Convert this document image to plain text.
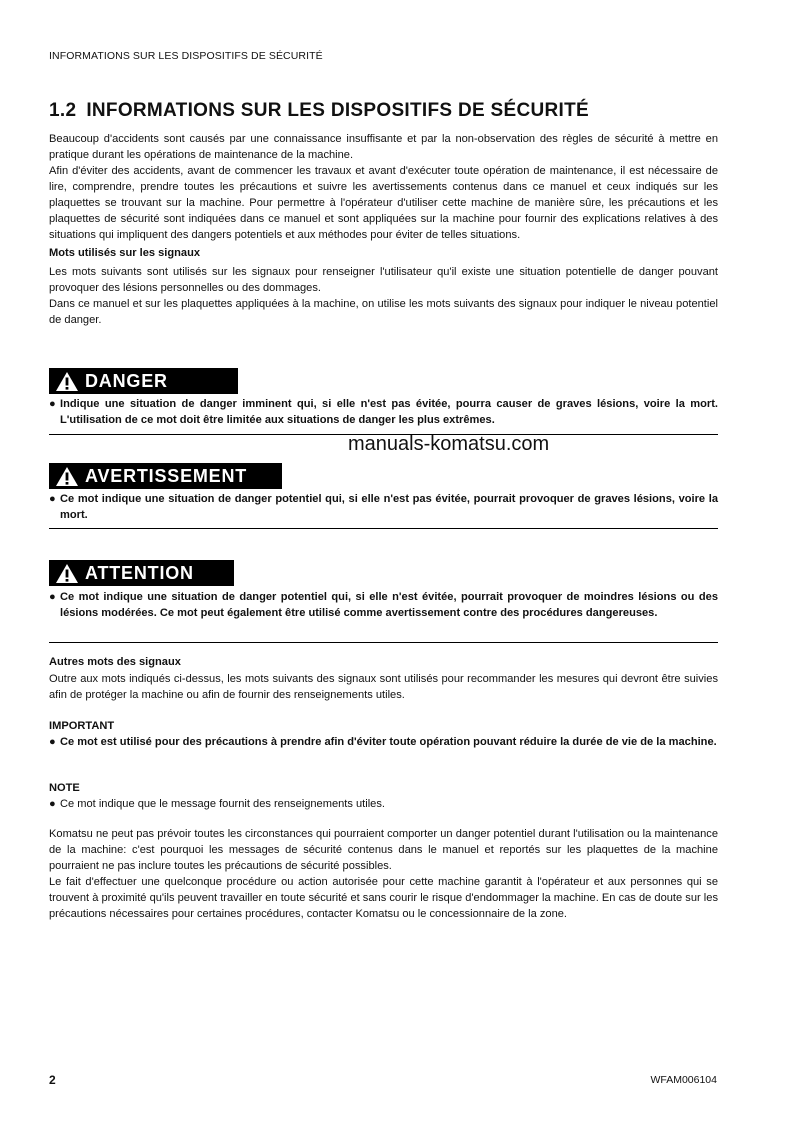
INFORMATIONS SUR LES DISPOSITIFS DE SÉCURITÉ
1.2 INFORMATIONS SUR LES DISPOSITIFS DE SÉCURITÉ

Beaucoup d'accidents sont causés par une connaissance insuffisante et par la non-observation des règles de sécurité à mettre en pratique durant les opérations de maintenance de la machine.

Afin d'éviter des accidents, avant de commencer les travaux et avant d'exécuter toute opération de maintenance, il est nécessaire de lire, comprendre, prendre toutes les précautions et suivre les avertissements contenus dans ce manuel et ceux indiqués sur les plaquettes se trouvant sur la machine. Pour permettre à l'opérateur d'utiliser cette machine de manière sûre, les précautions et les plaquettes de sécurité sont indiquées dans ce manuel et sont appliquées sur la machine pour fournir des explications relatives à des situations qui impliquent des dangers potentiels et aux méthodes pour éviter de telles situations.

Mots utilisés sur les signaux

Les mots suivants sont utilisés sur les signaux pour renseigner l'utilisateur qu'il existe une situation potentielle de danger pouvant provoquer des lésions personnelles ou des dommages.

Dans ce manuel et sur les plaquettes appliquées à la machine, on utilise les mots suivants des signaux pour indiquer le niveau potentiel de danger.

DANGER
● Indique une situation de danger imminent qui, si elle n'est pas évitée, pourra causer de graves lésions, voire la mort. L'utilisation de ce mot doit être limitée aux situations de danger les plus extrêmes.
manuals-komatsu.com
AVERTISSEMENT
● Ce mot indique une situation de danger potentiel qui, si elle n'est pas évitée, pourrait provoquer de graves lésions, voire la mort.
ATTENTION
● Ce mot indique une situation de danger potentiel qui, si elle n'est évitée, pourrait provoquer de moindres lésions ou des lésions modérées. Ce mot peut également être utilisé comme avertissement contre des procédures dangereuses.

Autres mots des signaux

Outre aux mots indiqués ci-dessus, les mots suivants des signaux sont utilisés pour recommander les mesures qui devront être suivies afin de protéger la machine ou afin de fournir des renseignements utiles.

IMPORTANT

● Ce mot est utilisé pour des précautions à prendre afin d'éviter toute opération pouvant réduire la durée de vie de la machine.

NOTE

● Ce mot indique que le message fournit des renseignements utiles.

Komatsu ne peut pas prévoir toutes les circonstances qui pourraient comporter un danger potentiel durant l'utilisation ou la maintenance de la machine: c'est pourquoi les messages de sécurité contenus dans le manuel et reportés sur les plaquettes de la machine pourraient ne pas inclure toutes les précautions de sécurité possibles.

Le fait d'effectuer une quelconque procédure ou action autorisée pour cette machine garantit à l'opérateur et aux personnes qui se trouvent à proximité qu'ils peuvent travailler en toute sécurité et sans courir le risque d'endommager la machine. En cas de doute sur les précautions nécessaires pour certaines procédures, contacter Komatsu ou le concessionnaire de la zone.

2	WFAM006104
